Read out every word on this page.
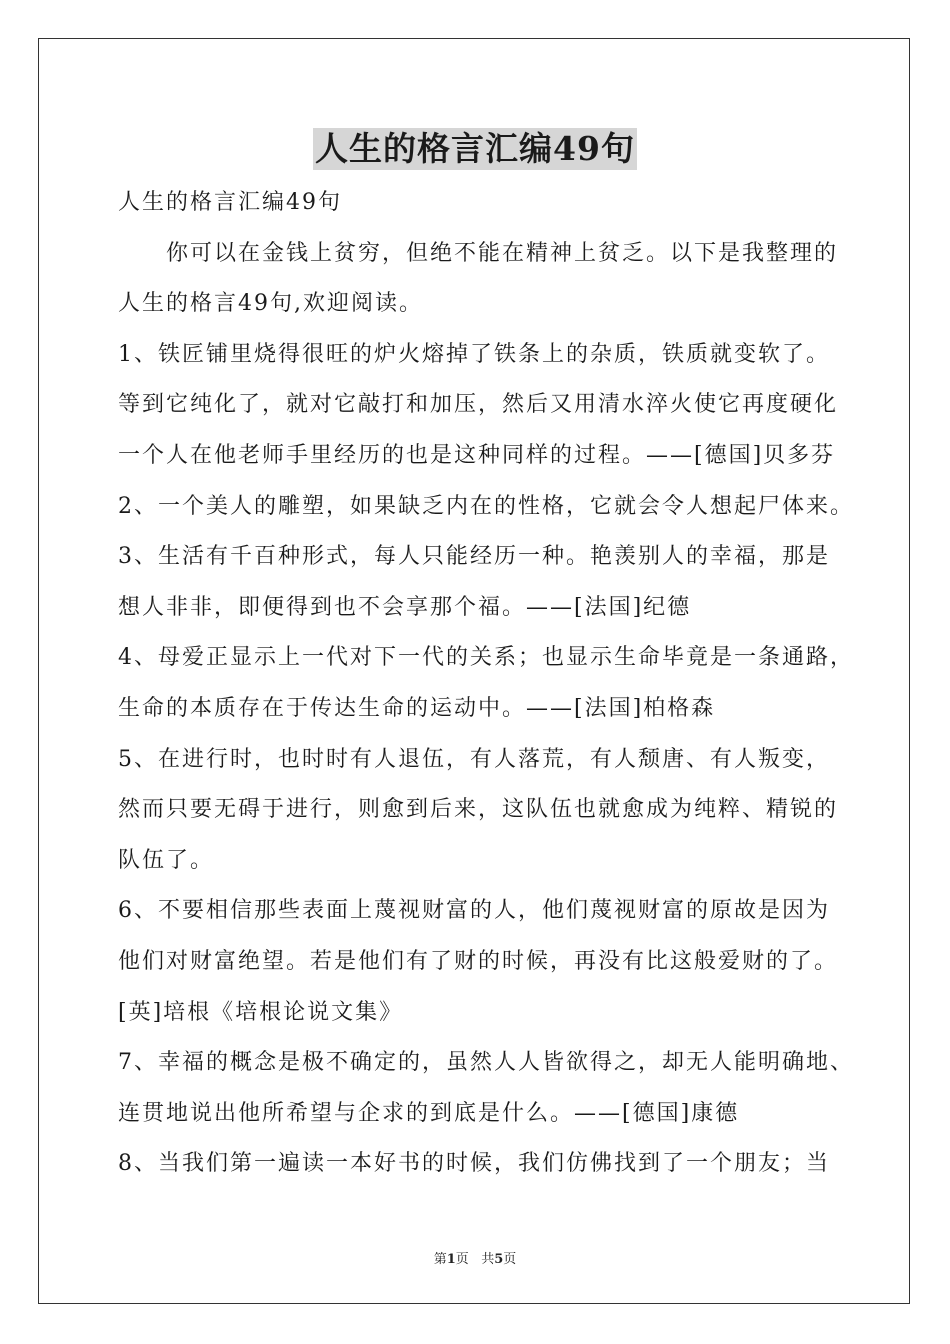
人生的格言汇编49句
人生的格言汇编49句
你可以在金钱上贫穷，但绝不能在精神上贫乏。以下是我整理的
人生的格言49句,欢迎阅读。
1、铁匠铺里烧得很旺的炉火熔掉了铁条上的杂质，铁质就变软了。
等到它纯化了，就对它敲打和加压，然后又用清水淬火使它再度硬化
一个人在他老师手里经历的也是这种同样的过程。——[德国]贝多芬
2、一个美人的雕塑，如果缺乏内在的性格，它就会令人想起尸体来。
3、生活有千百种形式，每人只能经历一种。艳羡别人的幸福，那是
想人非非，即便得到也不会享那个福。——[法国]纪德
4、母爱正显示上一代对下一代的关系；也显示生命毕竟是一条通路，
生命的本质存在于传达生命的运动中。——[法国]柏格森
5、在进行时，也时时有人退伍，有人落荒，有人颓唐、有人叛变，
然而只要无碍于进行，则愈到后来，这队伍也就愈成为纯粹、精锐的
队伍了。
6、不要相信那些表面上蔑视财富的人，他们蔑视财富的原故是因为
他们对财富绝望。若是他们有了财的时候，再没有比这般爱财的了。
[英]培根《培根论说文集》
7、幸福的概念是极不确定的，虽然人人皆欲得之，却无人能明确地、
连贯地说出他所希望与企求的到底是什么。——[德国]康德
8、当我们第一遍读一本好书的时候，我们仿佛找到了一个朋友；当
第1页 共5页
